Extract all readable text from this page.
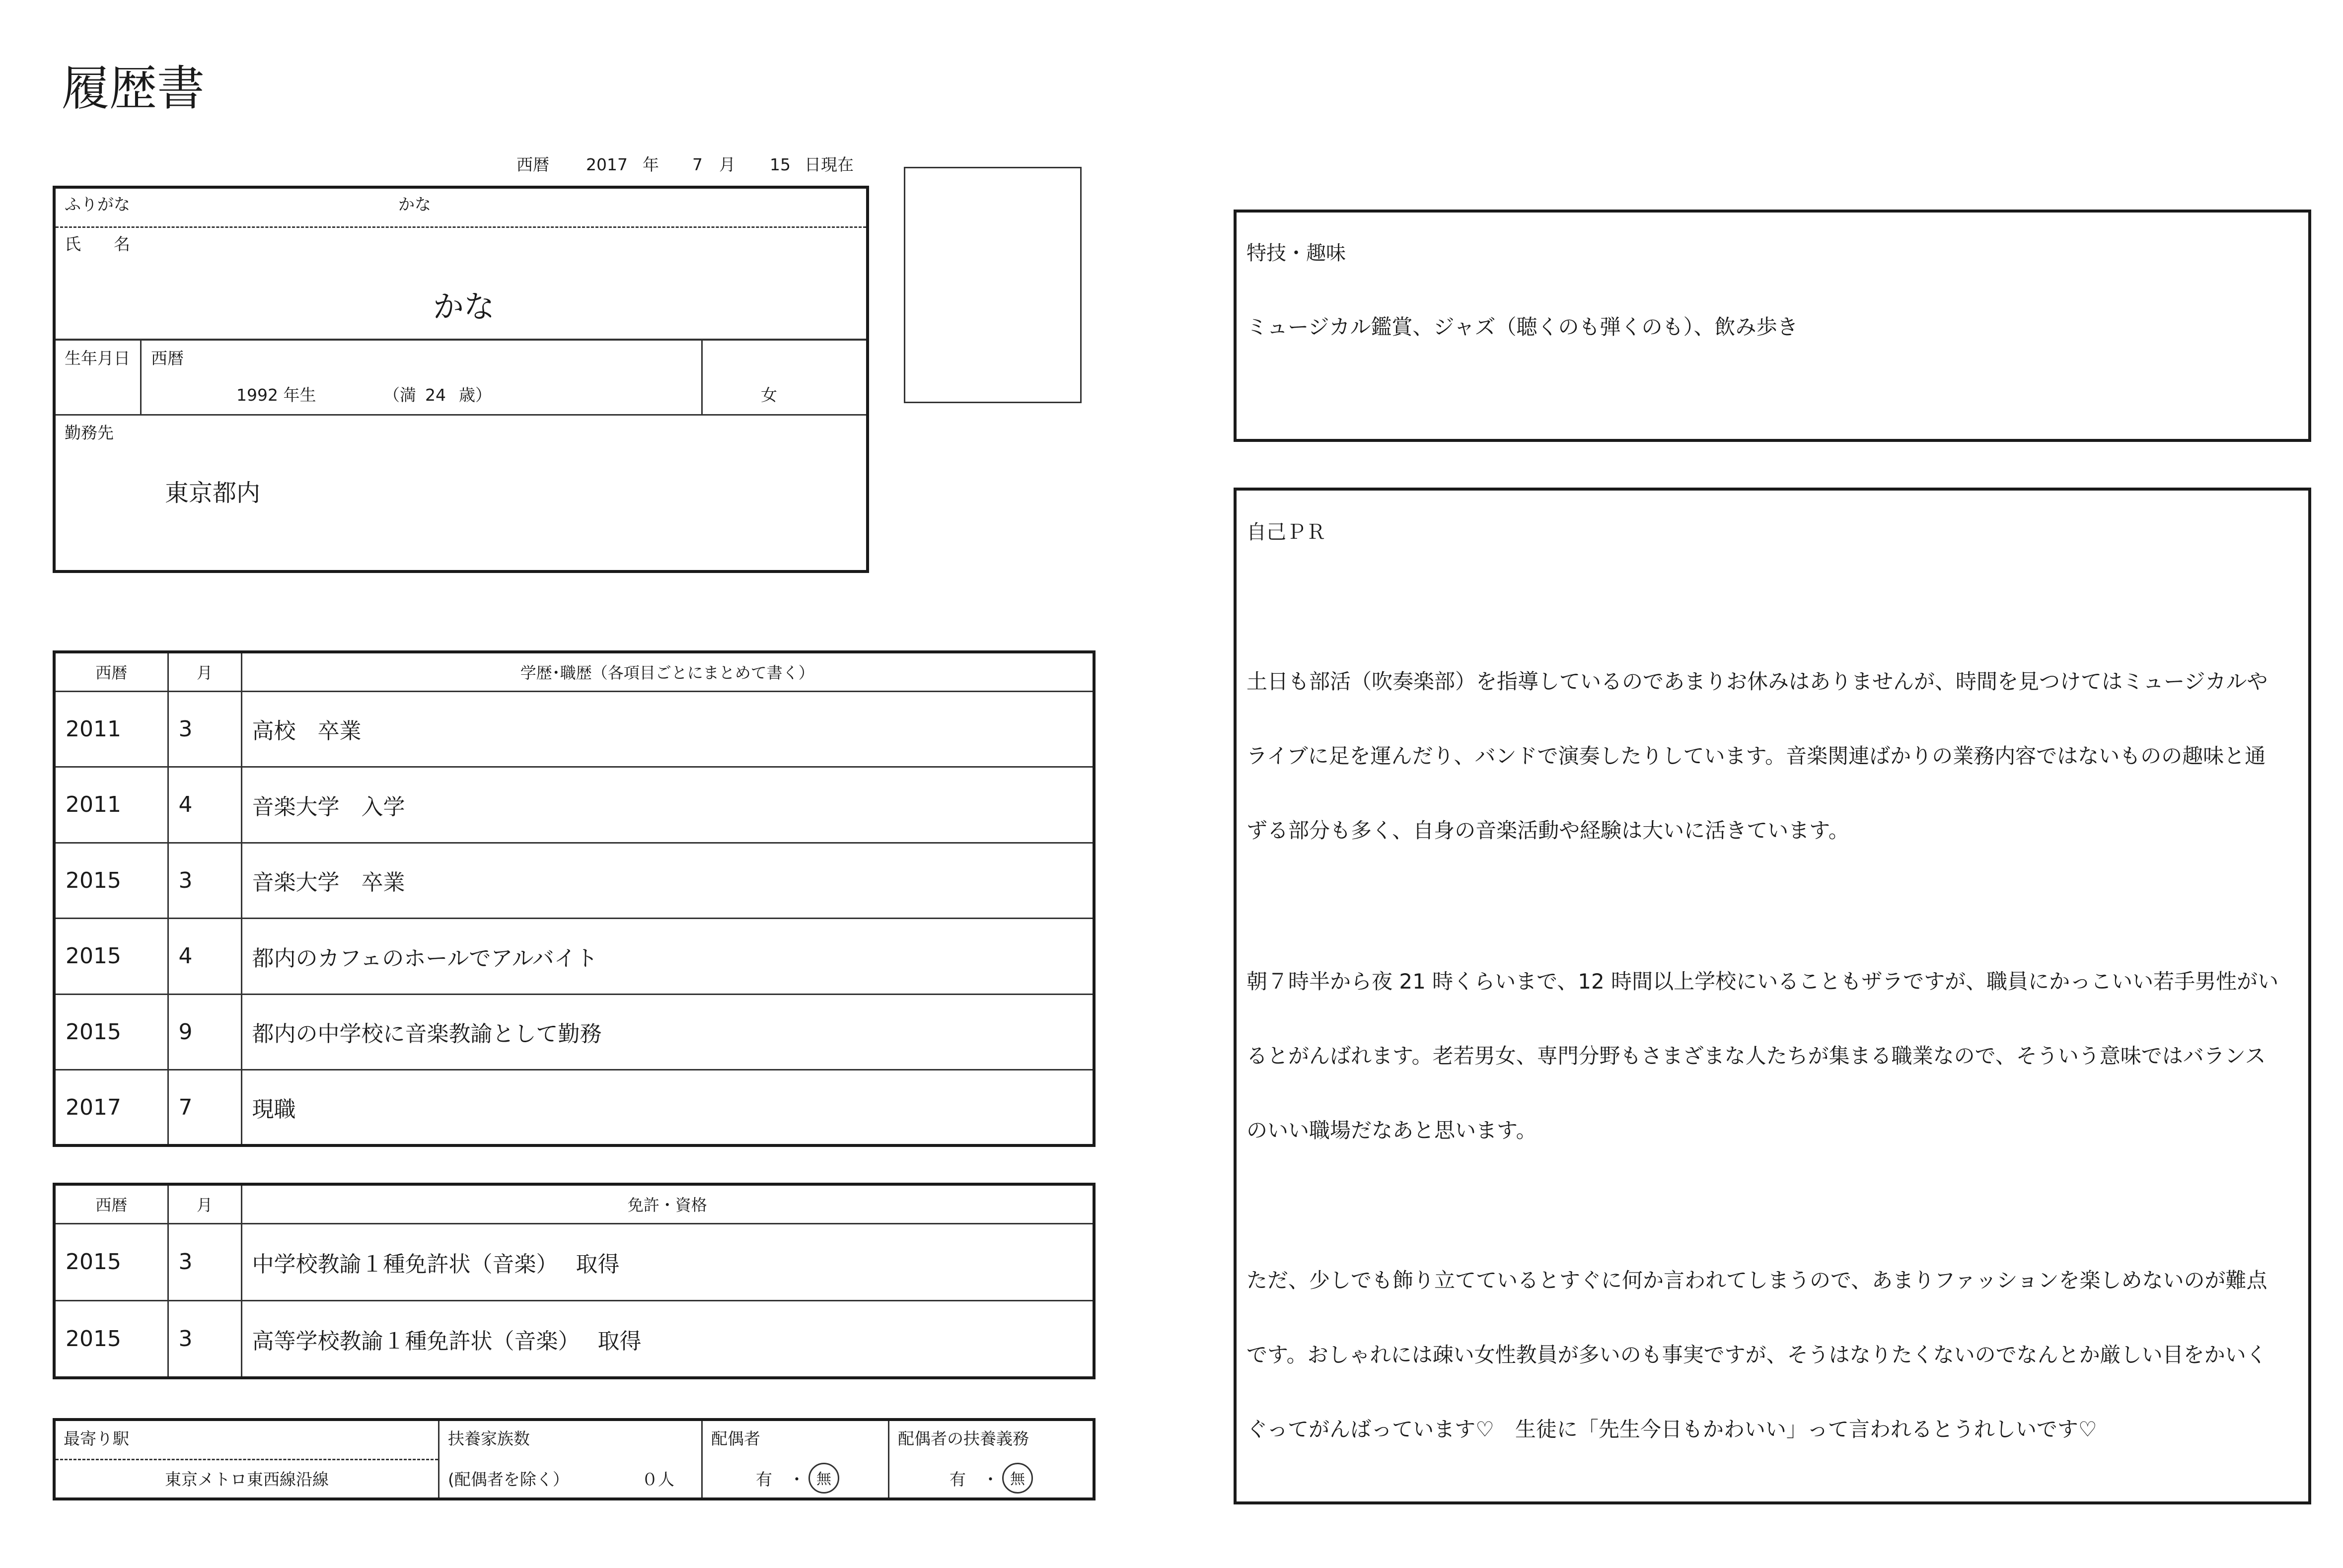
履歴書
西暦 2017 年 7 月 15 日現在
ふりがな	かな
氏　　名
かな
生年月日 西暦
1992 年生	（満 24 歳）	女
勤務先
東京都内
西暦	月	学歴･職歴（各項目ごとにまとめて書く）
2011	3	高校　卒業
2011	4	音楽大学　入学
2015	3	音楽大学　卒業
2015	4	都内のカフェのホールでアルバイト
2015	9	都内の中学校に音楽教諭として勤務
2017	7	現職
西暦	月	免許・資格
2015	3	中学校教諭１種免許状（音楽）　 取得
2015	3	高等学校教諭１種免許状（音楽）　 取得
最寄り駅
東京メトロ東西線沿線
扶養家族数
(配偶者を除く）	０人
配偶者
有 ・ 無
配偶者の扶養義務
有 ・ 無
特技・趣味
ミュージカル鑑賞、ジャズ（聴くのも弾くのも）、飲み歩き
自己ＰＲ
土日も部活（吹奏楽部）を指導しているのであまりお休みはありませんが、時間を見つけてはミュージカルや
ライブに足を運んだり、バンドで演奏したりしています。音楽関連ばかりの業務内容ではないものの趣味と通
ずる部分も多く、自身の音楽活動や経験は大いに活きています。
朝７時半から夜 21 時くらいまで、12 時間以上学校にいることもザラですが、職員にかっこいい若手男性がい
るとがんばれます。老若男女、専門分野もさまざまな人たちが集まる職業なので、そういう意味ではバランス
のいい職場だなあと思います。
ただ、少しでも飾り立てているとすぐに何か言われてしまうので、あまりファッションを楽しめないのが難点
です。おしゃれには疎い女性教員が多いのも事実ですが、そうはなりたくないのでなんとか厳しい目をかいく
ぐってがんばっています♡　生徒に「先生今日もかわいい」って言われるとうれしいです♡
